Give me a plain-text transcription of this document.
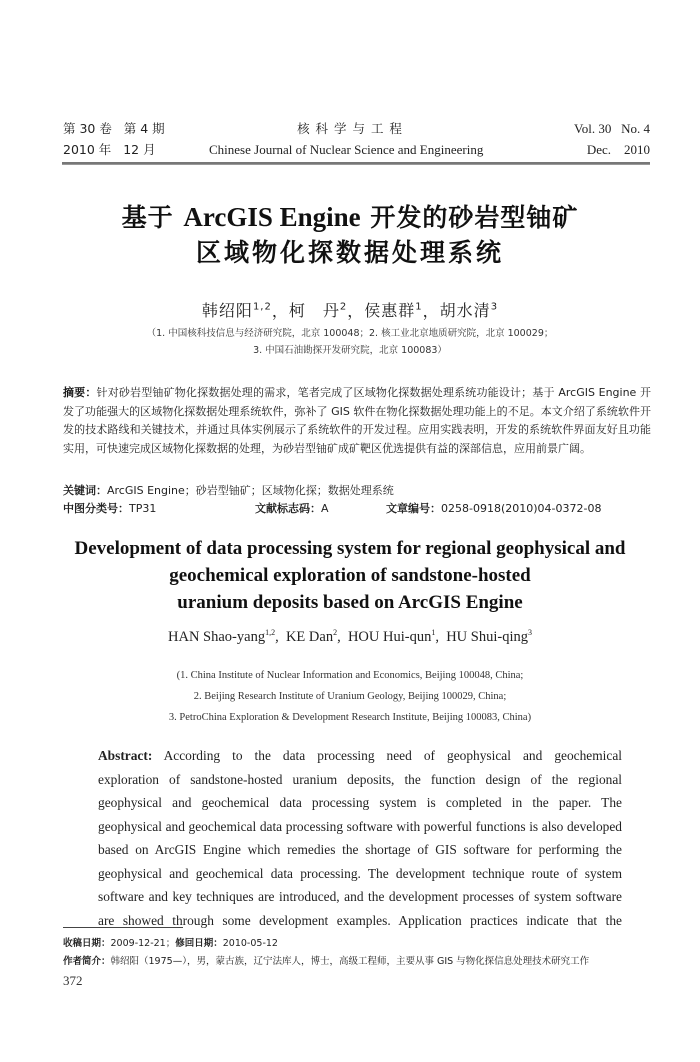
第 30 卷 第 4 期	核 科 学 与 工 程	Vol. 30 No. 4
2010 年 12 月	Chinese Journal of Nuclear Science and Engineering	Dec. 2010
基于 ArcGIS Engine 开发的砂岩型铀矿
区域物化探数据处理系统
韩绍阳$^{1,2}$，柯　丹$^2$，侯惠群$^1$，胡水清$^3$
（1. 中国核科技信息与经济研究院，北京 100048；2. 核工业北京地质研究院，北京 100029；
3. 中国石油勘探开发研究院，北京 100083）
摘要：针对砂岩型铀矿物化探数据处理的需求，笔者完成了区域物化探数据处理系统功能设计；基于 ArcGIS Engine 开发了功能强大的区域物化探数据处理系统软件，弥补了 GIS 软件在物化探数据处理功能上的不足。本文介绍了系统软件开发的技术路线和关键技术，并通过具体实例展示了系统软件的开发过程。应用实践表明，开发的系统软件界面友好且功能实用，可快速完成区域物化探数据的处理，为砂岩型铀矿成矿靶区优选提供有益的深部信息，应用前景广阔。
关键词：ArcGIS Engine；砂岩型铀矿；区域物化探；数据处理系统
中图分类号：TP31	文献标志码：A	文章编号：0258-0918(2010)04-0372-08
Development of data processing system for regional geophysical and
geochemical exploration of sandstone-hosted
uranium deposits based on ArcGIS Engine
HAN Shao-yang$^{1,2}$,  KE Dan$^2$,  HOU Hui-qun$^1$,  HU Shui-qing$^3$
(1. China Institute of Nuclear Information and Economics, Beijing 100048, China;
2. Beijing Research Institute of Uranium Geology, Beijing 100029, China;
3. PetroChina Exploration & Development Research Institute, Beijing 100083, China)
Abstract: According to the data processing need of geophysical and geochemical
exploration of sandstone-hosted uranium deposits, the function design of the regional
geophysical and geochemical data processing system is completed in the paper. The
geophysical and geochemical data processing software with powerful functions is also developed
based on ArcGIS Engine which remedies the shortage of GIS software for performing the
geophysical and geochemical data processing. The development technique route of system
software and key techniques are introduced, and the development processes of system software
are showed through some development examples. Application practices indicate that the
收稿日期：2009-12-21；修回日期：2010-05-12
作者简介：韩绍阳（1975—），男，蒙古族，辽宁法库人，博士，高级工程师，主要从事 GIS 与物化探信息处理技术研究工作
372
